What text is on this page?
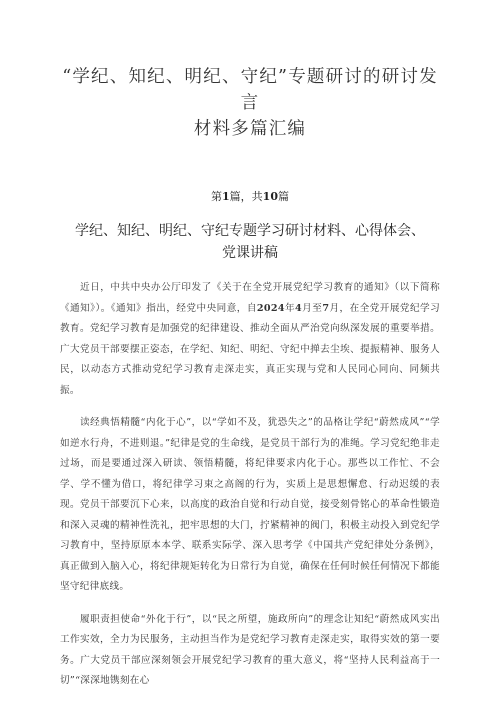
“学纪、知纪、明纪、守纪”专题研讨的研讨发言
材料多篇汇编
第1篇，共10篇
学纪、知纪、明纪、守纪专题学习研讨材料、心得体会、
党课讲稿

近日，中共中央办公厅印发了《关于在全党开展党纪学习教育的通知》（以下简称《通知》）。《通知》指出，经党中央同意，自2024年4月至7月，在全党开展党纪学习教育。党纪学习教育是加强党的纪律建设、推动全面从严治党向纵深发展的重要举措。广大党员干部要摆正姿态，在学纪、知纪、明纪、守纪中掸去尘埃、提振精神、服务人民，以动态方式推动党纪学习教育走深走实，真正实现与党和人民同心同向、同频共振。

读经典悟精髓“内化于心”，以“学如不及，犹恐失之”的品格让学纪“蔚然成风”“学如逆水行舟，不进则退。”纪律是党的生命线，是党员干部行为的准绳。学习党纪绝非走过场，而是要通过深入研读、领悟精髓，将纪律要求内化于心。那些以工作忙、不会学、学不懂为借口，将纪律学习束之高阁的行为，实质上是思想懈怠、行动迟缓的表现。党员干部要沉下心来，以高度的政治自觉和行动自觉，接受刻骨铭心的革命性锻造和深入灵魂的精神性洗礼，把牢思想的大门，拧紧精神的阀门，积极主动投入到党纪学习教育中，坚持原原本本学、联系实际学、深入思考学《中国共产党纪律处分条例》，真正做到入脑入心，将纪律规矩转化为日常行为自觉，确保在任何时候任何情况下都能坚守纪律底线。

履职责担使命“外化于行”，以“民之所望，施政所向”的理念让知纪“蔚然成风实出工作实效，全力为民服务，主动担当作为是党纪学习教育走深走实，取得实效的第一要务。广大党员干部应深刻领会开展党纪学习教育的重大意义，将“坚持人民利益高于一切”“深深地镌刻在心
